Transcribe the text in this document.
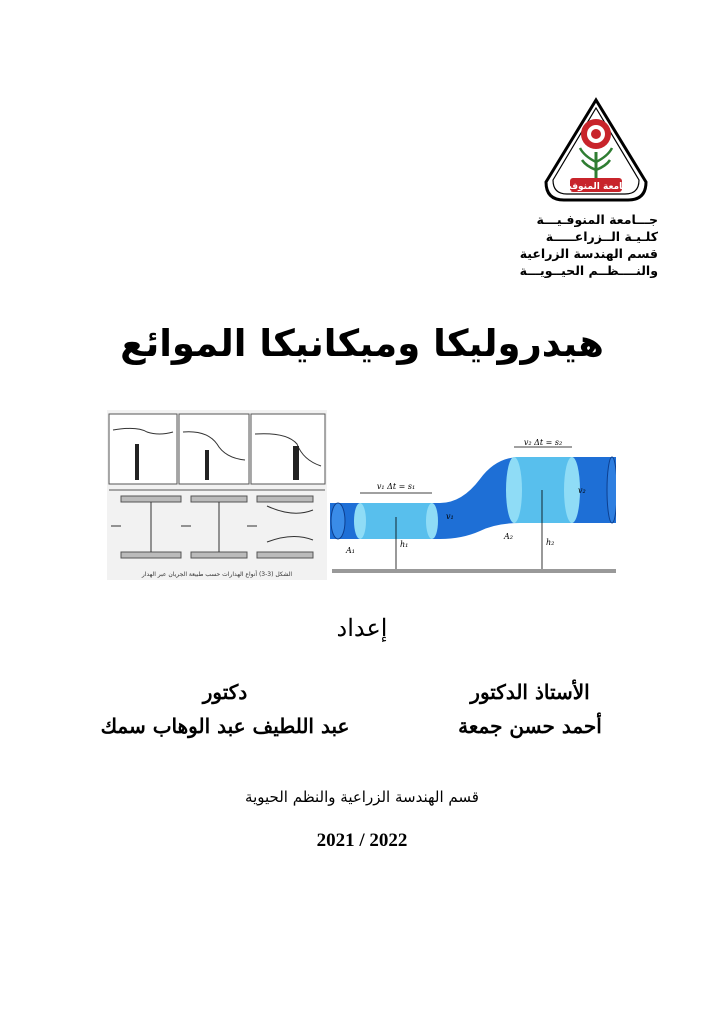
جامعة المنوفية
جـــامعة المنوفـيـــة
كلـيـة الــزراعـــــة
قسم الهندسة الزراعية
والنــــظــم الحيــويـــة
هيدروليكا وميكانيكا الموائع
الشكل (3-3) أنواع الهدارات حسب طبيعة الجريان عبر الهدار
v₁ Δt = s₁
v₂ Δt = s₂
A₁
A₂
v₁
v₂
h₁	h₂
إعداد
الأستاذ الدكتور
أحمد حسن جمعة
دكتور
عبد اللطيف عبد الوهاب سمك
قسم الهندسة الزراعية والنظم الحيوية
2021 / 2022
